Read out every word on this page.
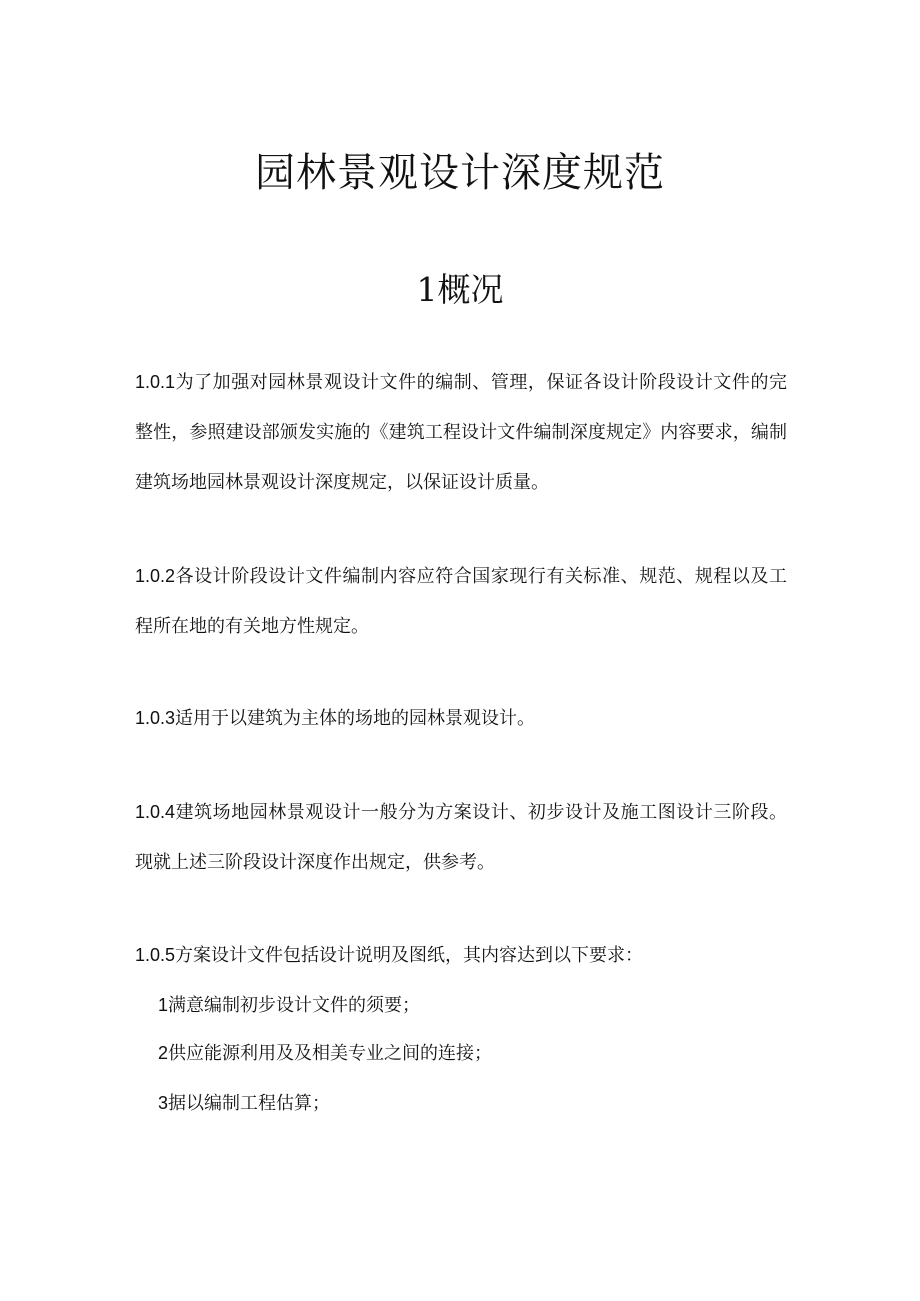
园林景观设计深度规范
1概况

1.0.1为了加强对园林景观设计文件的编制、管理，保证各设计阶段设计文件的完整性，参照建设部颁发实施的《建筑工程设计文件编制深度规定》内容要求，编制建筑场地园林景观设计深度规定，以保证设计质量。

1.0.2各设计阶段设计文件编制内容应符合国家现行有关标准、规范、规程以及工程所在地的有关地方性规定。

1.0.3适用于以建筑为主体的场地的园林景观设计。

1.0.4建筑场地园林景观设计一般分为方案设计、初步设计及施工图设计三阶段。现就上述三阶段设计深度作出规定，供参考。

1.0.5方案设计文件包括设计说明及图纸，其内容达到以下要求：

1满意编制初步设计文件的须要；

2供应能源利用及及相美专业之间的连接；

3据以编制工程估算；
